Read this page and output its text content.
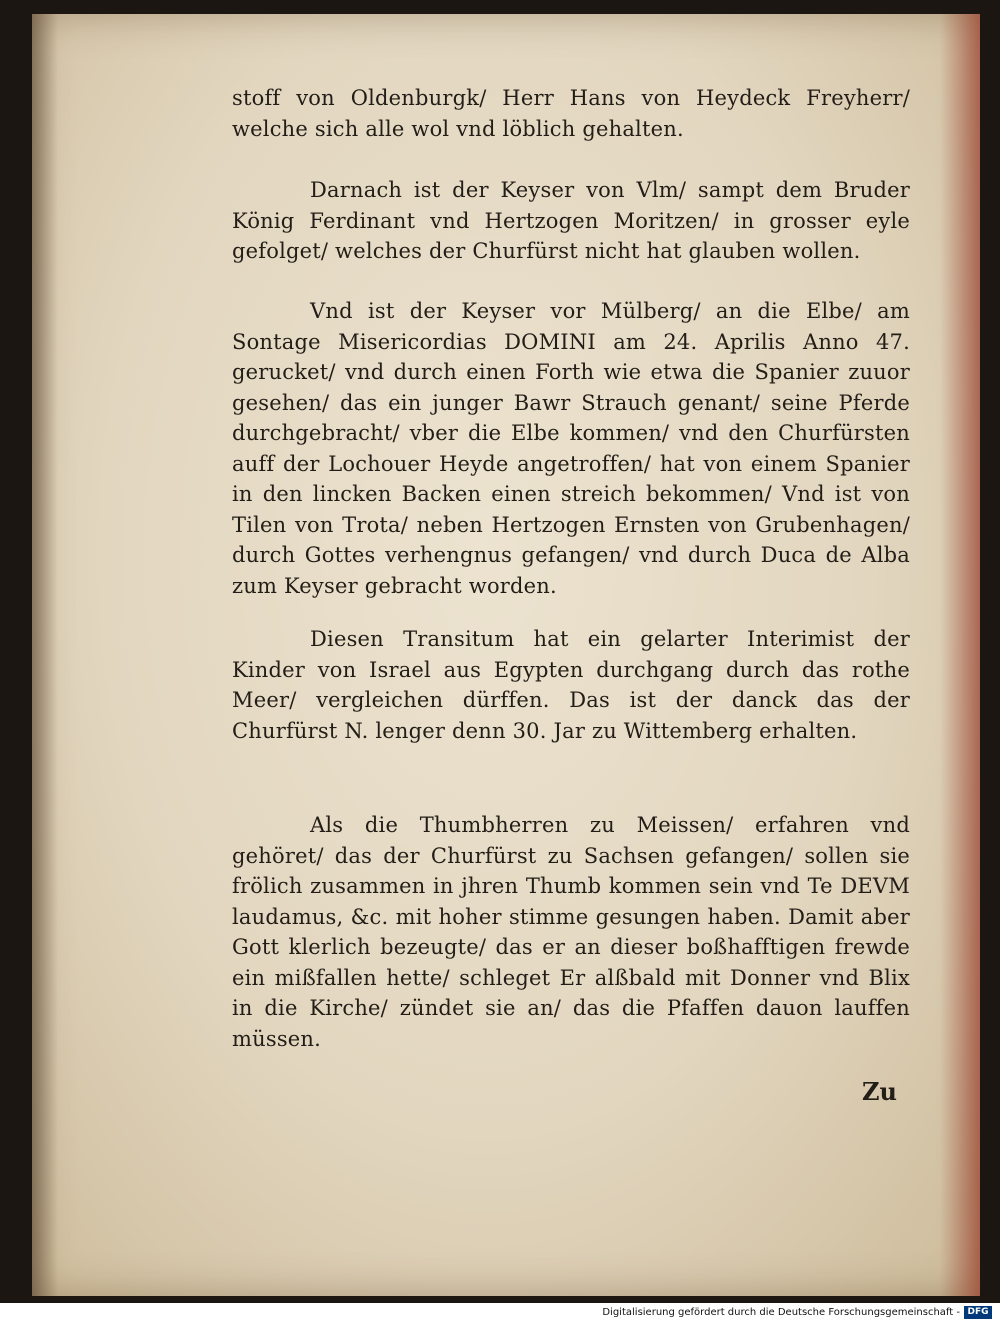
stoff von Oldenburgk/ Herr Hans von Heydeck Freyherr/ welche sich alle wol vnd löblich gehalten.

Darnach ist der Keyser von Vlm/ sampt dem Bruder König Ferdinant vnd Hertzogen Moritzen/ in grosser eyle gefolget/ welches der Churfürst nicht hat glauben wollen.

Vnd ist der Keyser vor Mülberg/ an die Elbe/ am Sontage Misericordias DOMINI am 24. Aprilis Anno 47. gerucket/ vnd durch einen Forth wie etwa die Spanier zuuor gesehen/ das ein junger Bawr Strauch genant/ seine Pferde durchgebracht/ vber die Elbe kommen/ vnd den Churfürsten auff der Lochouer Heyde angetroffen/ hat von einem Spanier in den lincken Backen einen streich bekommen/ Vnd ist von Tilen von Trota/ neben Hertzogen Ernsten von Grubenhagen/ durch Gottes verhengnus gefangen/ vnd durch Duca de Alba zum Keyser gebracht worden.

Diesen Transitum hat ein gelarter Interimist der Kinder von Israel aus Egypten durchgang durch das rothe Meer/ vergleichen dürffen. Das ist der danck das der Churfürst N. lenger denn 30. Jar zu Wittemberg erhalten.

Als die Thumbherren zu Meissen/ erfahren vnd gehöret/ das der Churfürst zu Sachsen gefangen/ sollen sie frölich zusammen in jhren Thumb kommen sein vnd Te DEVM laudamus, &c. mit hoher stimme gesungen haben. Damit aber Gott klerlich bezeugte/ das er an dieser boßhafftigen frewde ein mißfallen hette/ schleget Er alßbald mit Donner vnd Blix in die Kirche/ zündet sie an/ das die Pfaffen dauon lauffen müssen.

Zu
Digitalisierung gefördert durch die Deutsche Forschungsgemeinschaft - DFG
